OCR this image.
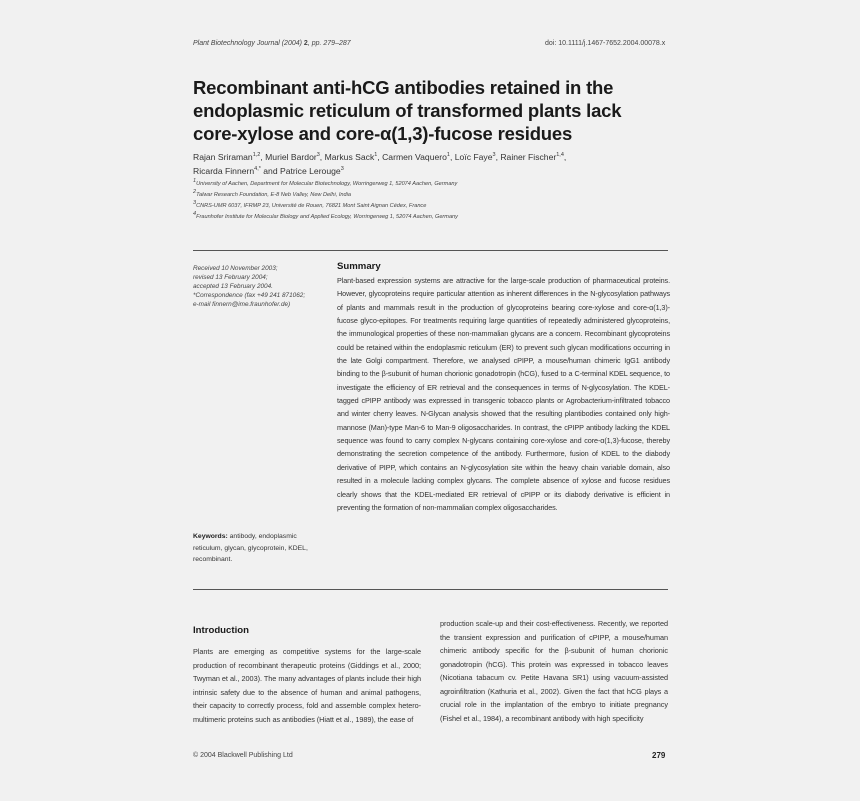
Plant Biotechnology Journal (2004) 2, pp. 279–287	doi: 10.1111/j.1467-7652.2004.00078.x
Recombinant anti-hCG antibodies retained in the
endoplasmic reticulum of transformed plants lack
core-xylose and core-α(1,3)-fucose residues
Rajan Sriraman$^{1,2}$, Muriel Bardor$^3$, Markus Sack$^1$, Carmen Vaquero$^1$, Loïc Faye$^3$, Rainer Fischer$^{1,4}$,
Ricarda Finnern$^{4,*}$ and Patrice Lerouge$^3$
$^1$University of Aachen, Department for Molecular Biotechnology, Worringerweg 1, 52074 Aachen, Germany
$^2$Talwar Research Foundation, E-8 Neb Valley, New Delhi, India
$^3$CNRS-UMR 6037, IFRMP 23, Université de Rouen, 76821 Mont Saint Aignan Cédex, France
$^4$Fraunhofer Institute for Molecular Biology and Applied Ecology, Worringerweg 1, 52074 Aachen, Germany
Received 10 November 2003;
revised 13 February 2004;
accepted 13 February 2004.
*Correspondence (fax +49 241 871062;
e-mail finnern@ime.fraunhofer.de)
Summary
Plant-based expression systems are attractive for the large-scale production of pharmaceutical proteins. However, glycoproteins require particular attention as inherent differences in the N-glycosylation pathways of plants and mammals result in the production of glycoproteins bearing core-xylose and core-α(1,3)-fucose glyco-epitopes. For treatments requiring large quantities of repeatedly administered glycoproteins, the immunological properties of these non-mammalian glycans are a concern. Recombinant glycoproteins could be retained within the endoplasmic reticulum (ER) to prevent such glycan modifications occurring in the late Golgi compartment. Therefore, we analysed cPIPP, a mouse/human chimeric IgG1 antibody binding to the β-subunit of human chorionic gonadotropin (hCG), fused to a C-terminal KDEL sequence, to investigate the efficiency of ER retrieval and the consequences in terms of N-glycosylation. The KDEL-tagged cPIPP antibody was expressed in transgenic tobacco plants or Agrobacterium-infiltrated tobacco and winter cherry leaves. N-Glycan analysis showed that the resulting plantibodies contained only high-mannose (Man)-type Man-6 to Man-9 oligosaccharides. In contrast, the cPIPP antibody lacking the KDEL sequence was found to carry complex N-glycans containing core-xylose and core-α(1,3)-fucose, thereby demonstrating the secretion competence of the antibody. Furthermore, fusion of KDEL to the diabody derivative of PIPP, which contains an N-glycosylation site within the heavy chain variable domain, also resulted in a molecule lacking complex glycans. The complete absence of xylose and fucose residues clearly shows that the KDEL-mediated ER retrieval of cPIPP or its diabody derivative is efficient in preventing the formation of non-mammalian complex oligosaccharides.
Keywords: antibody, endoplasmic reticulum, glycan, glycoprotein, KDEL, recombinant.
Introduction
Plants are emerging as competitive systems for the large-scale production of recombinant therapeutic proteins (Giddings et al., 2000; Twyman et al., 2003). The many advantages of plants include their high intrinsic safety due to the absence of human and animal pathogens, their capacity to correctly process, fold and assemble complex hetero-multimeric proteins such as antibodies (Hiatt et al., 1989), the ease of
production scale-up and their cost-effectiveness. Recently, we reported the transient expression and purification of cPIPP, a mouse/human chimeric antibody specific for the β-subunit of human chorionic gonadotropin (hCG). This protein was expressed in tobacco leaves (Nicotiana tabacum cv. Petite Havana SR1) using vacuum-assisted agroinfiltration (Kathuria et al., 2002). Given the fact that hCG plays a crucial role in the implantation of the embryo to initiate pregnancy (Fishel et al., 1984), a recombinant antibody with high specificity
© 2004 Blackwell Publishing Ltd	279
